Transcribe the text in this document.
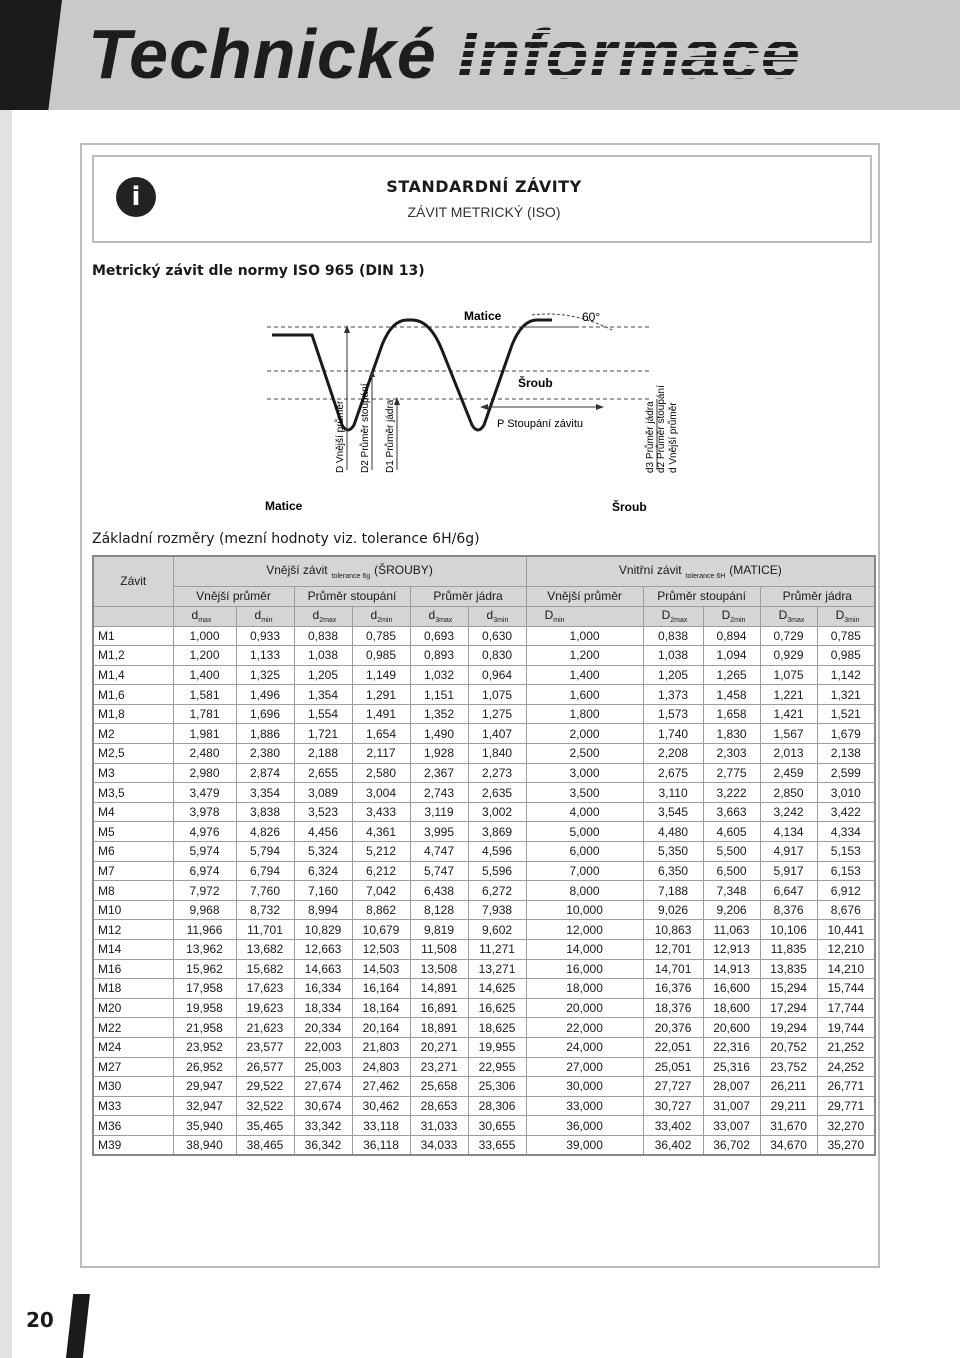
Technické Informace
i	STANDARDNÍ ZÁVITY
ZÁVIT METRICKÝ (ISO)
Metrický závit dle normy ISO 965 (DIN 13)
Matice	60°
Šroub
P Stoupání závitu
D Vnější průměr D2 Průměr stoupání D1 Průměr jádra	d3 Průměr jádra d2 Průměr stoupání d Vnější průměr
Matice	Šroub
Základní rozměry (mezní hodnoty viz. tolerance 6H/6g)
Závit	Vnější závit $_{tolerance 6g}$ (ŠROUBY)						Vnitřní závit $_{tolerance 6H}$ (MATICE)				
	Vnější průměr		Průměr stoupání		Průměr jádra		Vnější průměr	Průměr stoupání		Průměr jádra	
	$d_{max}$	$d_{min}$	$d_{2max}$	$d_{2min}$	$d_{3max}$	$d_{3min}$	$D_{min}$	$D_{2max}$	$D_{2min}$	$D_{3max}$	$D_{3min}$
M1	1,000	0,933	0,838	0,785	0,693	0,630	1,000	0,838	0,894	0,729	0,785
M1,2	1,200	1,133	1,038	0,985	0,893	0,830	1,200	1,038	1,094	0,929	0,985
M1,4	1,400	1,325	1,205	1,149	1,032	0,964	1,400	1,205	1,265	1,075	1,142
M1,6	1,581	1,496	1,354	1,291	1,151	1,075	1,600	1,373	1,458	1,221	1,321
M1,8	1,781	1,696	1,554	1,491	1,352	1,275	1,800	1,573	1,658	1,421	1,521
M2	1,981	1,886	1,721	1,654	1,490	1,407	2,000	1,740	1,830	1,567	1,679
M2,5	2,480	2,380	2,188	2,117	1,928	1,840	2,500	2,208	2,303	2,013	2,138
M3	2,980	2,874	2,655	2,580	2,367	2,273	3,000	2,675	2,775	2,459	2,599
M3,5	3,479	3,354	3,089	3,004	2,743	2,635	3,500	3,110	3,222	2,850	3,010
M4	3,978	3,838	3,523	3,433	3,119	3,002	4,000	3,545	3,663	3,242	3,422
M5	4,976	4,826	4,456	4,361	3,995	3,869	5,000	4,480	4,605	4,134	4,334
M6	5,974	5,794	5,324	5,212	4,747	4,596	6,000	5,350	5,500	4,917	5,153
M7	6,974	6,794	6,324	6,212	5,747	5,596	7,000	6,350	6,500	5,917	6,153
M8	7,972	7,760	7,160	7,042	6,438	6,272	8,000	7,188	7,348	6,647	6,912
M10	9,968	8,732	8,994	8,862	8,128	7,938	10,000	9,026	9,206	8,376	8,676
M12	11,966	11,701	10,829	10,679	9,819	9,602	12,000	10,863	11,063	10,106	10,441
M14	13,962	13,682	12,663	12,503	11,508	11,271	14,000	12,701	12,913	11,835	12,210
M16	15,962	15,682	14,663	14,503	13,508	13,271	16,000	14,701	14,913	13,835	14,210
M18	17,958	17,623	16,334	16,164	14,891	14,625	18,000	16,376	16,600	15,294	15,744
M20	19,958	19,623	18,334	18,164	16,891	16,625	20,000	18,376	18,600	17,294	17,744
M22	21,958	21,623	20,334	20,164	18,891	18,625	22,000	20,376	20,600	19,294	19,744
M24	23,952	23,577	22,003	21,803	20,271	19,955	24,000	22,051	22,316	20,752	21,252
M27	26,952	26,577	25,003	24,803	23,271	22,955	27,000	25,051	25,316	23,752	24,252
M30	29,947	29,522	27,674	27,462	25,658	25,306	30,000	27,727	28,007	26,211	26,771
M33	32,947	32,522	30,674	30,462	28,653	28,306	33,000	30,727	31,007	29,211	29,771
M36	35,940	35,465	33,342	33,118	31,033	30,655	36,000	33,402	33,007	31,670	32,270
M39	38,940	38,465	36,342	36,118	34,033	33,655	39,000	36,402	36,702	34,670	35,270
20
